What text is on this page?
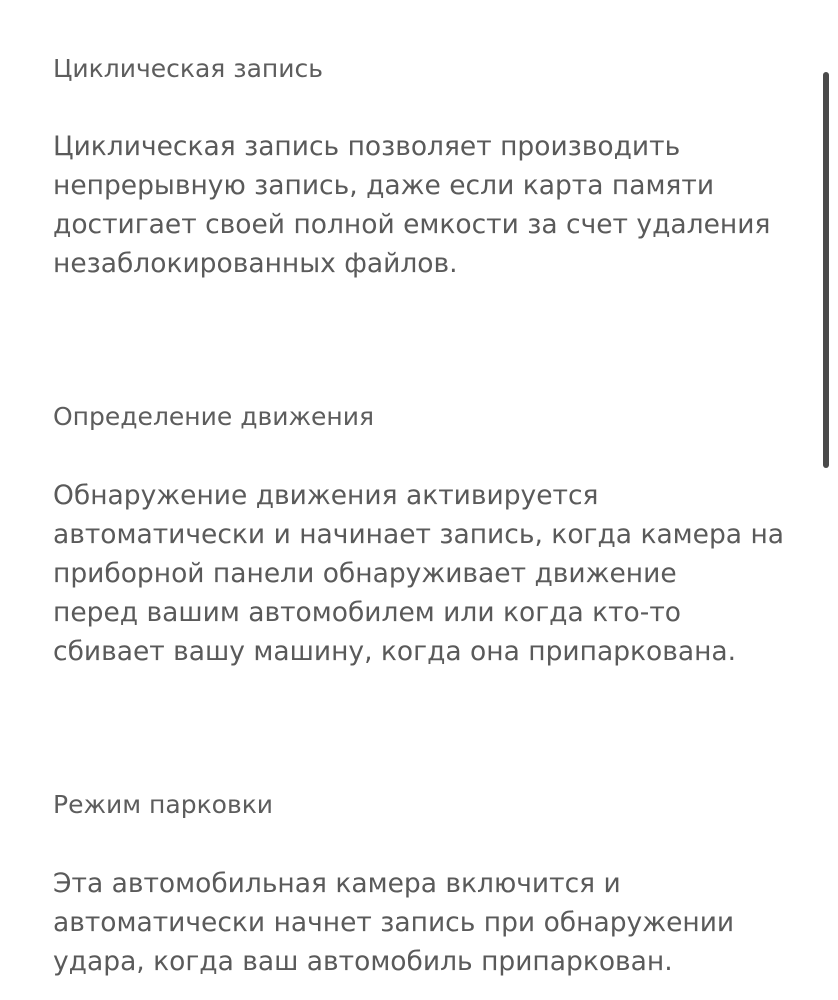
Циклическая запись
Циклическая запись позволяет производить
непрерывную запись, даже если карта памяти
достигает своей полной емкости за счет удаления
незаблокированных файлов.
Определение движения
Обнаружение движения активируется
автоматически и начинает запись, когда камера на
приборной панели обнаруживает движение
перед вашим автомобилем или когда кто-то
сбивает вашу машину, когда она припаркована.
Режим парковки
Эта автомобильная камера включится и
автоматически начнет запись при обнаружении
удара, когда ваш автомобиль припаркован.
